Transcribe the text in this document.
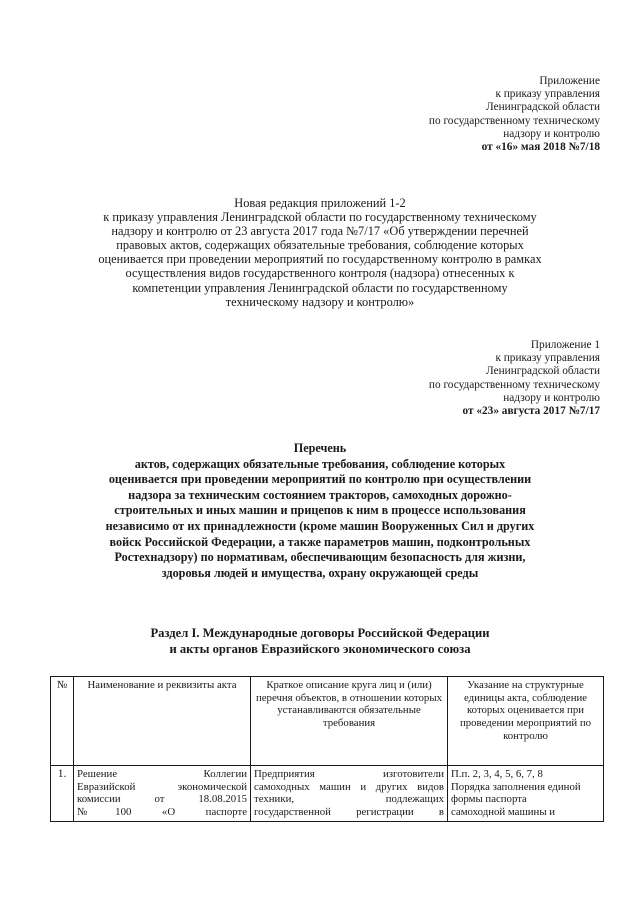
Приложение
к приказу управления
Ленинградской области
по государственному техническому
надзору и контролю
от «16» мая 2018 №7/18
Новая редакция приложений 1-2
к приказу управления Ленинградской области по государственному техническому
надзору и контролю от 23 августа 2017 года №7/17 «Об утверждении перечней
правовых актов, содержащих обязательные требования, соблюдение которых
оценивается при проведении мероприятий по государственному контролю в рамках
осуществления видов государственного контроля (надзора) отнесенных к
компетенции управления Ленинградской области по государственному
техническому надзору и контролю»
Приложение 1
к приказу управления
Ленинградской области
по государственному техническому
надзору и контролю
от «23» августа 2017 №7/17
Перечень
актов, содержащих обязательные требования, соблюдение которых
оценивается при проведении мероприятий по контролю при осуществлении
надзора за техническим состоянием тракторов, самоходных дорожно-
строительных и иных машин и прицепов к ним в процессе использования
независимо от их принадлежности (кроме машин Вооруженных Сил и других
войск Российской Федерации, а также параметров машин, подконтрольных
Ростехнадзору) по нормативам, обеспечивающим безопасность для жизни,
здоровья людей и имущества, охрану окружающей среды
Раздел I. Международные договоры Российской Федерации
и акты органов Евразийского экономического союза
№	Наименование и реквизиты акта	Краткое описание круга лиц и (или) перечня объектов, в отношении которых устанавливаются обязательные требования	Указание на структурные единицы акта, соблюдение которых оценивается при проведении мероприятий по контролю
1.	Решение Коллегии
Евразийской экономической
комиссии от 18.08.2015
№100 «О паспорте	Предприятия изготовители
самоходных машин и других видов
техники, подлежащих
государственной регистрации в	П.п. 2, 3, 4, 5, 6, 7, 8
Порядка заполнения единой
формы паспорта
самоходной машины и
